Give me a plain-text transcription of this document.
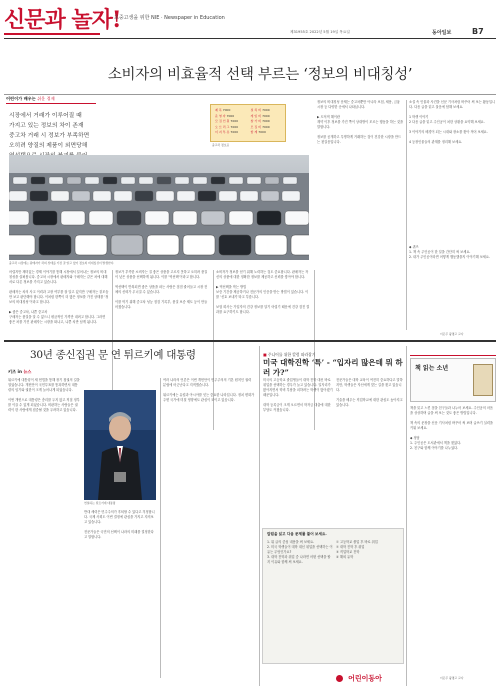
신문과 놀자!
초중고생을 위한 NIE · Newspaper in Education
제31955호 2022년 5월 19일 목요일	동아일보	B7
소비자의 비효율적 선택 부르는 ‘정보의 비대칭성’
어린이가 배우는 쉬운 경제
시장에서 거래가 이루어질 때
가지고 있는 정보의 차이 존재
중고차 거래 시 정보가 부족하면
오히려 양질의 제품이 외면당해

제 목 7000	설 치 비 7000
운 영 자 7000	게 임 비 7000
모 집 인 원 7000	참 가 비 7000
오 브 리 그 7000	모 집 비 7000
이 지 투 유 7000	합 계 7000
중고차 정보표
중고차 시장에는 판매자가 차의 상태를 가장 잘 알고 있어 정보의 비대칭성이 발생한다.
어렵지만 재미있는 경제 이야기를 통해 시장에서 일어나는 정보의 비대칭성을 살펴봅니다. 중고차 시장에서 판매자와 구매자는 같은 차에 대해 서로 다른 정보를 가지고 있습니다.

판매자는 차의 사고 이력과 고장 여부를 잘 알고 있지만 구매자는 겉모습만 보고 판단해야 합니다. 이처럼 한쪽이 더 많은 정보를 가진 상태를 ‘정보의 비대칭성’이라고 합니다.

▶ 좋은 중고차, 나쁜 중고차
구매자는 품질을 알 수 없으니 평균적인 가격만 내려고 합니다. 그러면 좋은 차를 가진 판매자는 시장을 떠나고, 나쁜 차만 남게 됩니다.
정보가 부족한 소비자는 질 좋은 상품을 고르지 못하고 오히려 품질이 낮은 상품을 선택하게 됩니다. 이를 ‘역선택’이라고 합니다.

역선택이 반복되면 좋은 상품을 파는 사람은 점점 줄어들고 시장 전체의 신뢰가 무너질 수 있습니다.

이를 막기 위해 중고차 성능 점검 기록부, 품질 보증 제도 등이 만들어졌습니다.
소비자가 정보를 얻기 위해 노력하는 것도 중요합니다. 판매자는 자신의 상품에 대한 정확한 정보를 제공하고 신뢰를 쌓아야 합니다.

▶ 역선택을 막는 방법
보증 기간을 제공하거나 전문가의 인증을 받는 방법이 있습니다. 이를 ‘신호 보내기’라고 부릅니다.

보험 회사는 가입자의 건강 정보를 알기 어렵기 때문에 건강 검진 결과를 요구하기도 합니다.
정보의 비대칭성 문제는 중고차뿐만 아니라 보험, 채용, 금융 시장 등 다양한 곳에서 나타납니다.

▶ 도덕적 해이란
계약 이후 정보를 가진 쪽이 상대방이 모르는 행동을 하는 것을 말합니다.

정보를 공개하고 투명하게 거래하는 것이 건강한 시장을 만드는 첫걸음입니다.
이은주 광명고 교사
소설 속 인물과 사건을 신문 기사처럼 바꾸어 써 보는 활동입니다. 다음 글을 읽고 물음에 답해 보세요.

1 학생 이야기
2 다음 글을 읽고 주인공이 처한 상황을 요약해 보세요.

3 이야기의 배경이 되는 시대와 장소를 찾아 적어 보세요.

4 등장인물들의 관계를 정리해 보세요.
◆ 퀴즈
1. 책 속 주인공이 한 일을 간단히 써 보세요.
2. 내가 주인공이라면 어떻게 행동했을지 이야기해 보세요.
30년 종신집권 문 연 튀르키예 대통령
키즈 in 뉴스
튀르키예 대통령이 새 헌법을 통해 장기 집권의 길을 열었습니다. 개헌안이 국민투표를 통과하면서 대통령의 임기와 권한이 크게 늘어나게 되었습니다.

이번 개헌으로 대통령은 총리를 두지 않고 직접 정부를 이끌 수 있게 되었습니다. 비판하는 사람들은 권력이 한 사람에게 집중될 것을 우려하고 있습니다.
연설하는 튀르키예 대통령
반대 세력은 민주주의가 후퇴할 수 있다고 걱정합니다. 국제 사회도 이번 결정에 관심을 가지고 지켜보고 있습니다.

전문가들은 국민의 선택이 나라의 미래를 결정한다고 말합니다.
여러 나라의 언론은 이번 개헌안이 민주주의의 기본 원칙인 권력 분립에 어긋난다고 지적했습니다.

튀르키예는 유럽과 아시아를 잇는 중요한 나라입니다. 정치 변화가 주변 국가에 미칠 영향에도 관심이 모이고 있습니다.
■ 주니어를 위한 칼럼 따라잡기
미국 대학진학 ‘특’ - “입자리 많은데 뭐 하러 가?”
미국의 고등학교 졸업생들이 대학 진학 대신 바로 취업을 선택하는 경우가 늘고 있습니다. 일자리가 많아지면서 학비 부담을 피하려는 학생이 많아졌기 때문입니다.

대학 등록금이 크게 오르면서 학자금 대출에 대한 부담도 커졌습니다.
전문가들은 대학 교육이 여전히 중요하다고 말하지만, 학생들은 자신에게 맞는 길을 찾고 있습니다.

기술을 배우는 직업학교에 대한 관심도 높아지고 있습니다.
칼럼을 읽고 다음 문제를 풀어 보세요.
1. 위 글의 중심 내용을 써 보세요.
2. 미국 학생들이 대학 대신 취업을 선택하는 이유는 무엇인가요?
3. 대학 진학과 취업 중 나라면 어떤 선택을 할지 이유와 함께 써 보세요.
① 고등학교 졸업 후 바로 취업
② 대학 진학 후 취업
③ 직업학교 진학
④ 해외 유학
어린이동아
책 읽는 소년
책을 읽고 느낀 점을 친구들과 나누어 보세요. 주인공의 마음을 상상하며 글을 써 보는 것도 좋은 방법입니다.

책 속의 문장을 신문 기사처럼 바꾸어 써 보며 글쓰기 실력을 키워 보세요.

◆ 정답
1. 주인공은 도서관에서 책을 찾았다.
2. 친구와 함께 이야기를 나누었다.
이은주 광명고 교사
